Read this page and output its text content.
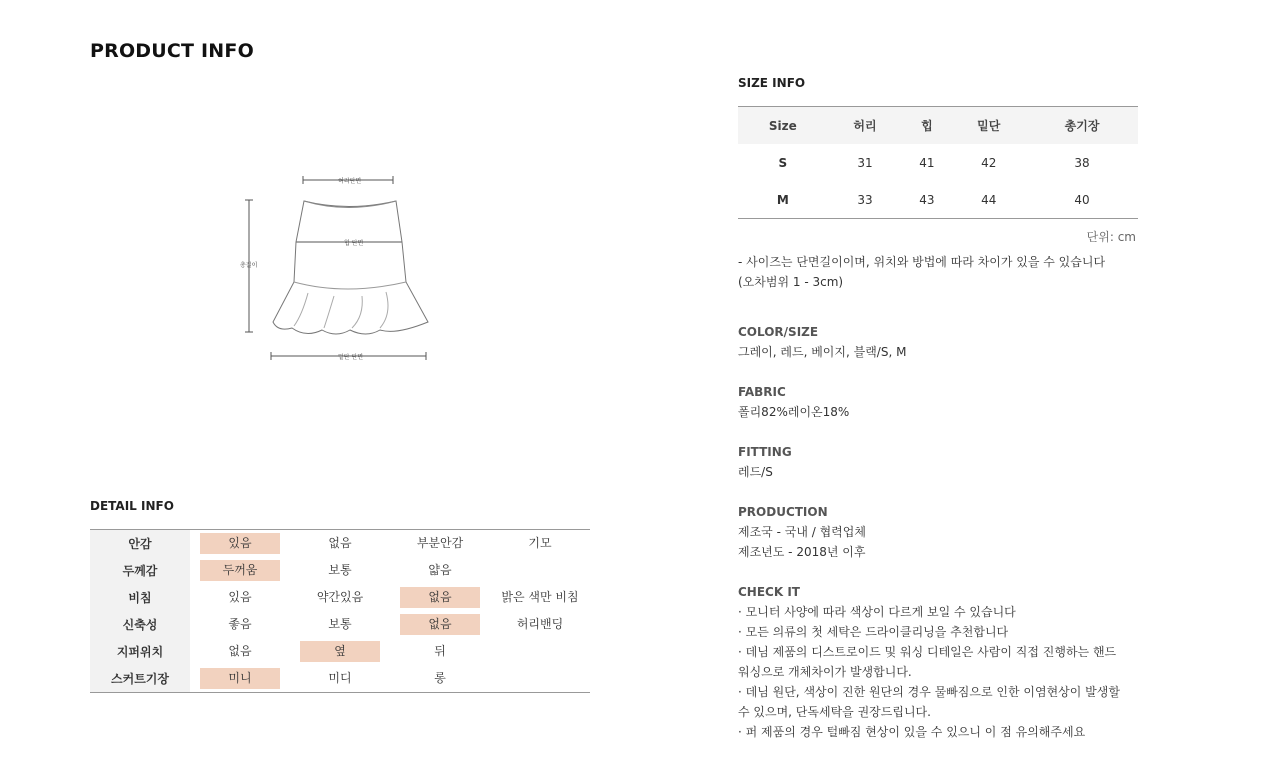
PRODUCT INFO
허리단면
힙 단면
총길이
밑단 단면
DETAIL INFO
안감	있음	없음	부분안감	기모
두께감	두꺼움	보통	얇음	
비침	있음	약간있음	없음	밝은 색만 비침
신축성	좋음	보통	없음	허리밴딩
지퍼위치	없음	옆	뒤	
스커트기장	미니	미디	롱	
SIZE INFO
Size	허리	힙	밑단	총기장
S	31	41	42	38
M	33	43	44	40
단위: cm
- 사이즈는 단면길이이며, 위치와 방법에 따라 차이가 있을 수 있습니다
(오차범위 1 - 3cm)
COLOR/SIZE
그레이, 레드, 베이지, 블랙/S, M
FABRIC
폴리82%레이온18%
FITTING
레드/S
PRODUCTION
제조국 - 국내 / 협력업체
제조년도 - 2018년 이후
CHECK IT
· 모니터 사양에 따라 색상이 다르게 보일 수 있습니다
· 모든 의류의 첫 세탁은 드라이클리닝을 추천합니다
· 데님 제품의 디스트로이드 및 워싱 디테일은 사람이 직접 진행하는 핸드
워싱으로 개체차이가 발생합니다.
· 데님 원단, 색상이 진한 원단의 경우 물빠짐으로 인한 이염현상이 발생할
수 있으며, 단독세탁을 권장드립니다.
· 퍼 제품의 경우 털빠짐 현상이 있을 수 있으니 이 점 유의해주세요
